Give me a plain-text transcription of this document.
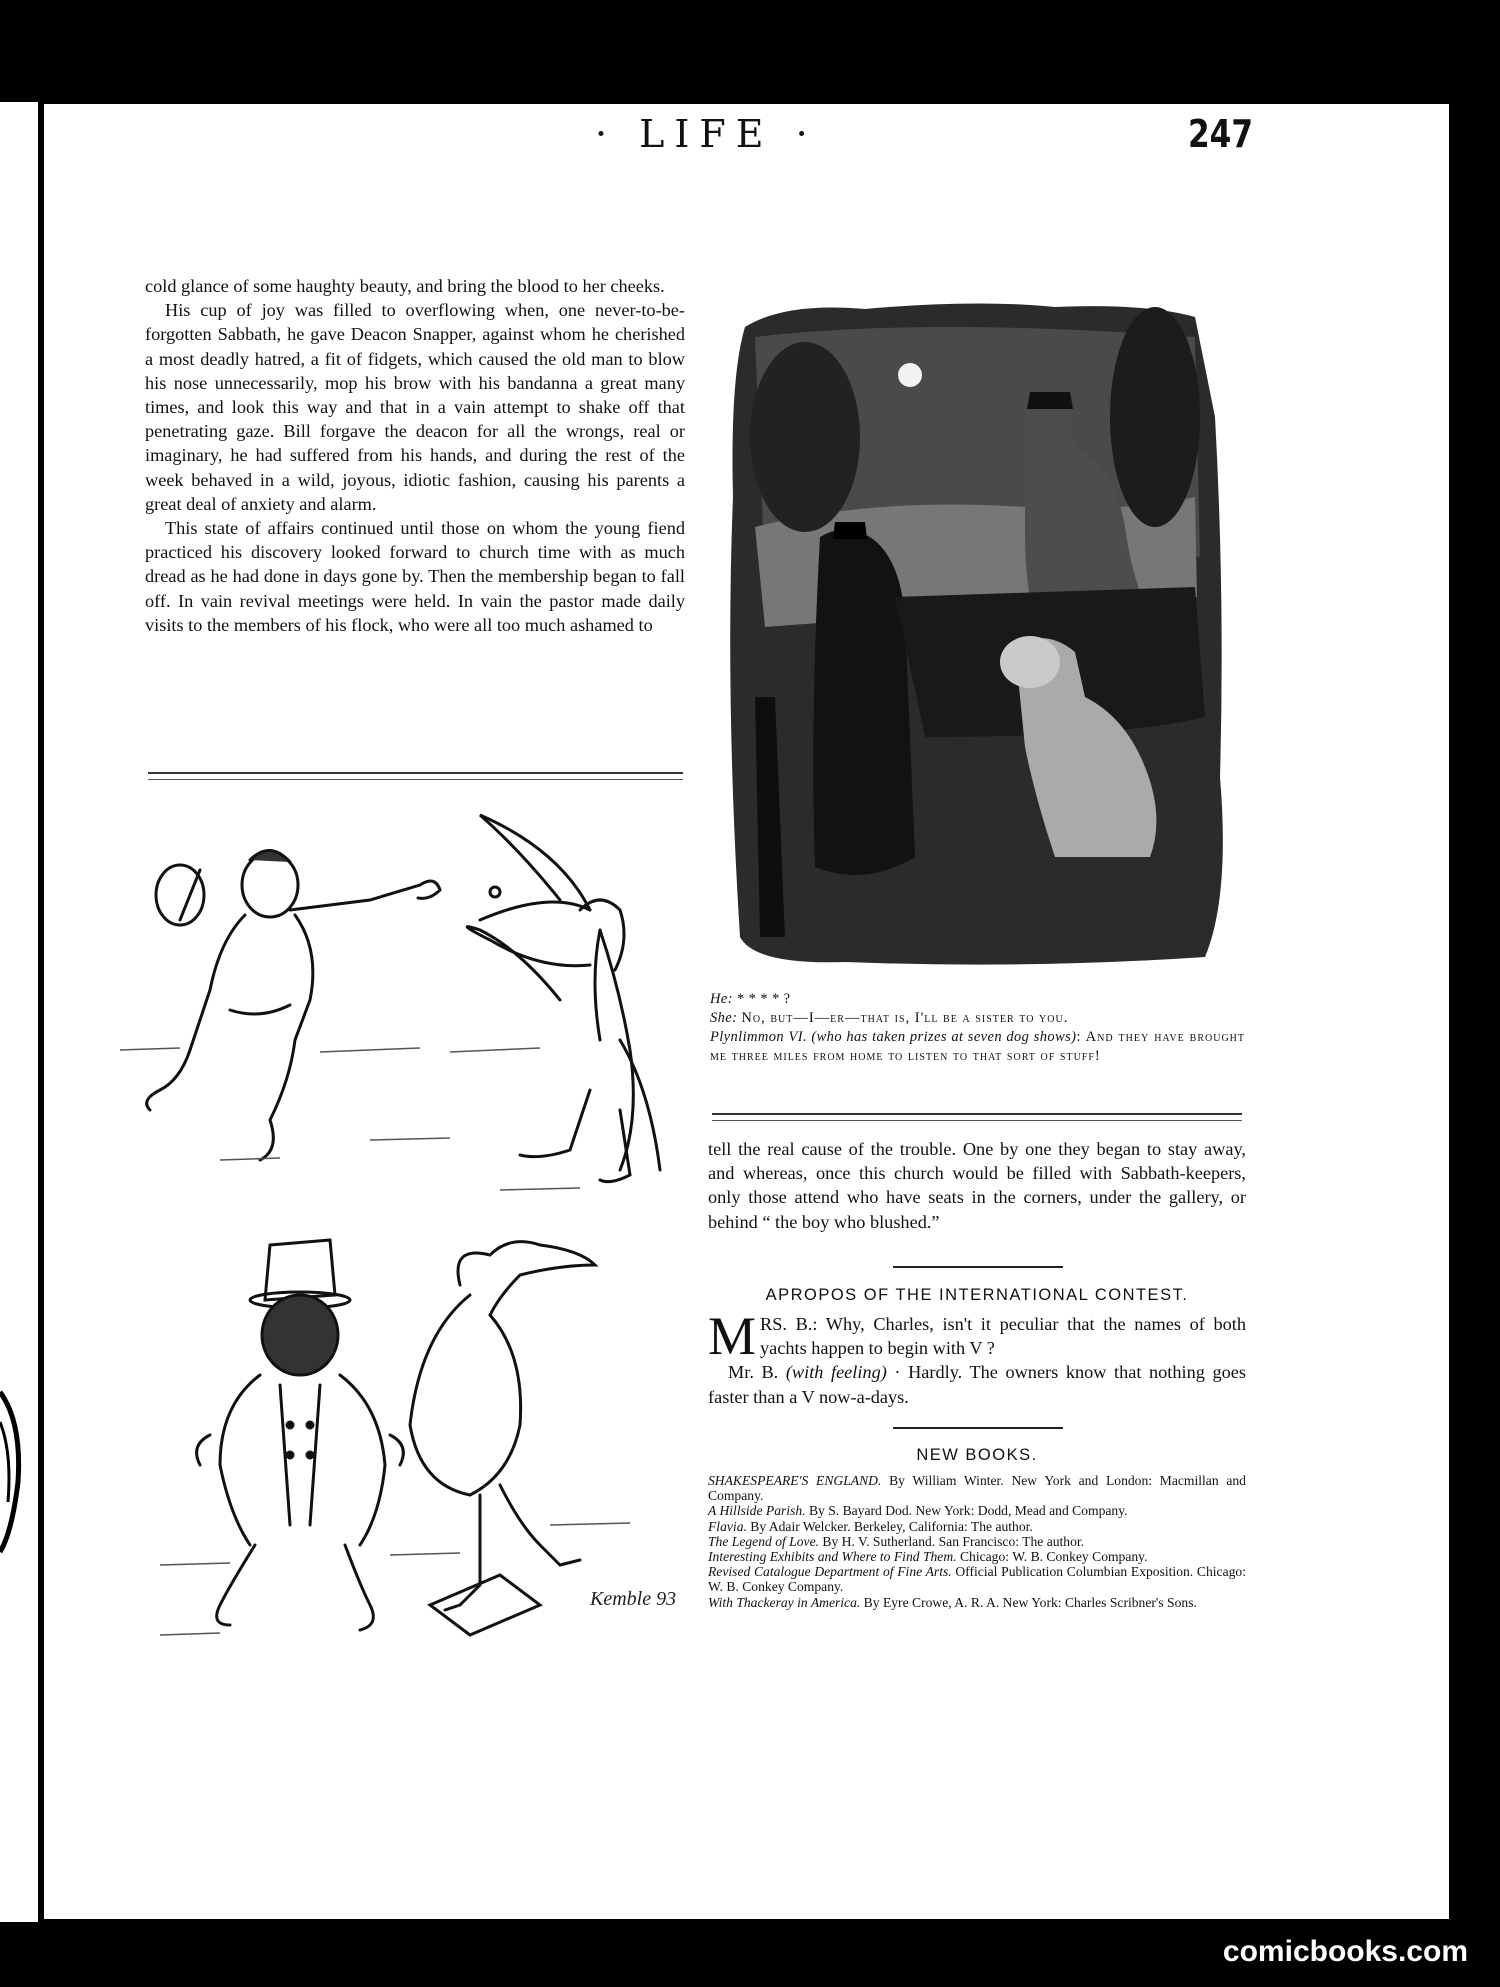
· LIFE ·	247

cold glance of some haughty beauty, and bring the blood to her cheeks.

His cup of joy was filled to overflowing when, one never-to-be-forgotten Sabbath, he gave Deacon Snapper, against whom he cherished a most deadly hatred, a fit of fidgets, which caused the old man to blow his nose unnecessarily, mop his brow with his bandanna a great many times, and look this way and that in a vain attempt to shake off that penetrating gaze. Bill forgave the deacon for all the wrongs, real or imaginary, he had suffered from his hands, and during the rest of the week behaved in a wild, joyous, idiotic fashion, causing his parents a great deal of anxiety and alarm.

This state of affairs continued until those on whom the young fiend practiced his discovery looked forward to church time with as much dread as he had done in days gone by. Then the membership began to fall off. In vain revival meetings were held. In vain the pastor made daily visits to the members of his flock, who were all too much ashamed to

He: * * * * ?
She: No, but—I—er—that is, I'll be a sister to you.
Plynlimmon VI. (who has taken prizes at seven dog shows): And they have brought me three miles from home to listen to that sort of stuff!

tell the real cause of the trouble. One by one they began to stay away, and whereas, once this church would be filled with Sabbath-keepers, only those attend who have seats in the corners, under the gallery, or behind “ the boy who blushed.”

APROPOS OF THE INTERNATIONAL CONTEST.
MRS. B.: Why, Charles, isn't it peculiar that the names of both yachts happen to begin with V ?
Mr. B. (with feeling) · Hardly. The owners know that nothing goes faster than a V now-a-days.
NEW BOOKS.

SHAKESPEARE'S ENGLAND. By William Winter. New York and London: Macmillan and Company.

A Hillside Parish. By S. Bayard Dod. New York: Dodd, Mead and Company.

Flavia. By Adair Welcker. Berkeley, California: The author.

The Legend of Love. By H. V. Sutherland. San Francisco: The author.

Interesting Exhibits and Where to Find Them. Chicago: W. B. Conkey Company.

Revised Catalogue Department of Fine Arts. Official Publication Columbian Exposition. Chicago: W. B. Conkey Company.

With Thackeray in America. By Eyre Crowe, A. R. A. New York: Charles Scribner's Sons.

Kemble 93
comicbooks.com
